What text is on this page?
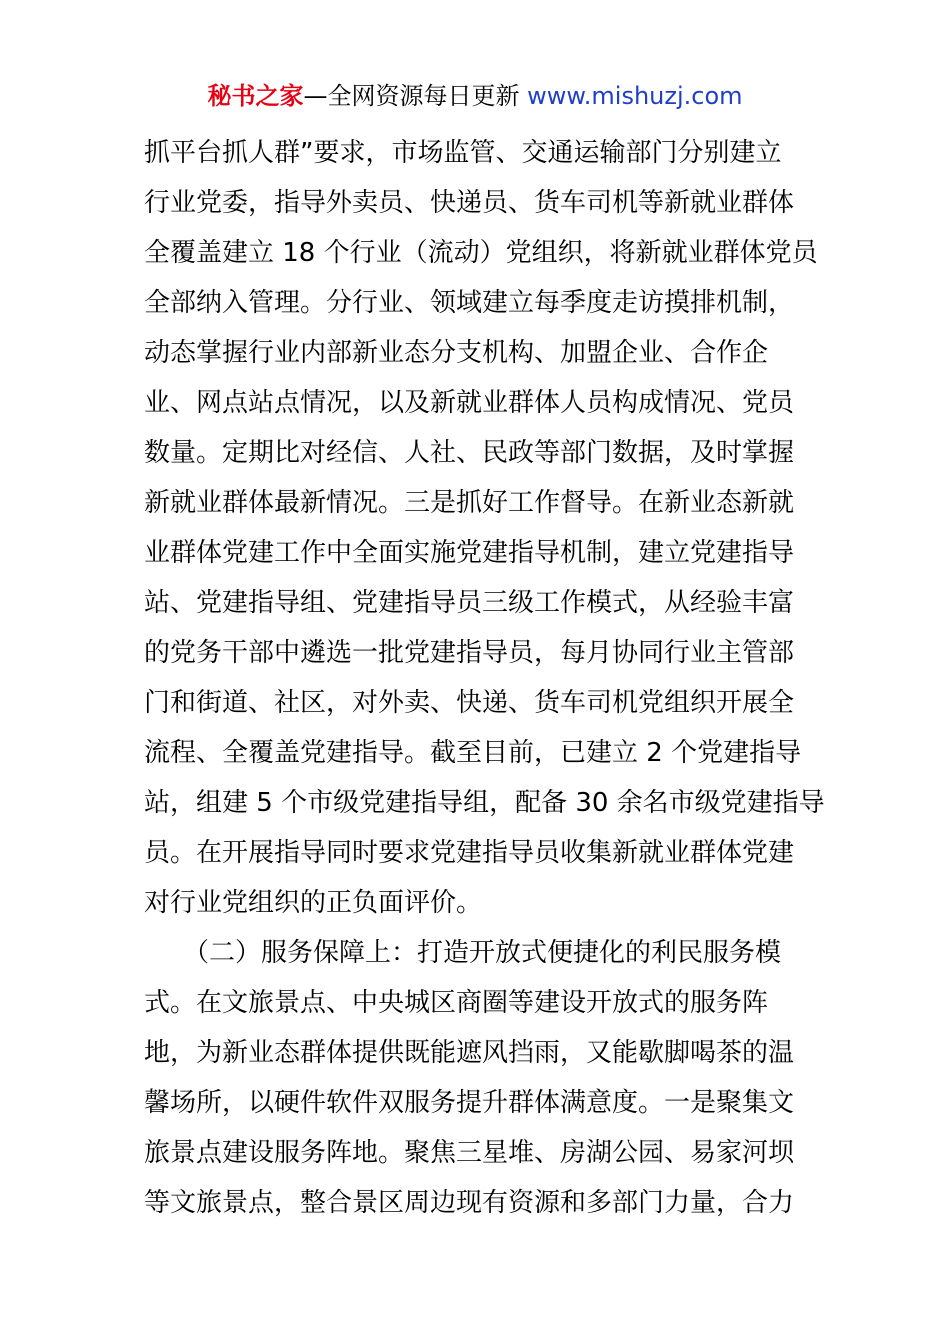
秘书之家—全网资源每日更新 www.mishuzj.com
抓平台抓人群”要求，市场监管、交通运输部门分别建立
行业党委，指导外卖员、快递员、货车司机等新就业群体
全覆盖建立 18 个行业（流动）党组织，将新就业群体党员
全部纳入管理。分行业、领域建立每季度走访摸排机制，
动态掌握行业内部新业态分支机构、加盟企业、合作企
业、网点站点情况，以及新就业群体人员构成情况、党员
数量。定期比对经信、人社、民政等部门数据，及时掌握
新就业群体最新情况。三是抓好工作督导。在新业态新就
业群体党建工作中全面实施党建指导机制，建立党建指导
站、党建指导组、党建指导员三级工作模式，从经验丰富
的党务干部中遴选一批党建指导员，每月协同行业主管部
门和街道、社区，对外卖、快递、货车司机党组织开展全
流程、全覆盖党建指导。截至目前，已建立 2 个党建指导
站，组建 5 个市级党建指导组，配备 30 余名市级党建指导
员。在开展指导同时要求党建指导员收集新就业群体党建
对行业党组织的正负面评价。
　　（二）服务保障上：打造开放式便捷化的利民服务模
式。在文旅景点、中央城区商圈等建设开放式的服务阵
地，为新业态群体提供既能遮风挡雨，又能歇脚喝茶的温
馨场所，以硬件软件双服务提升群体满意度。一是聚集文
旅景点建设服务阵地。聚焦三星堆、房湖公园、易家河坝
等文旅景点，整合景区周边现有资源和多部门力量，合力
